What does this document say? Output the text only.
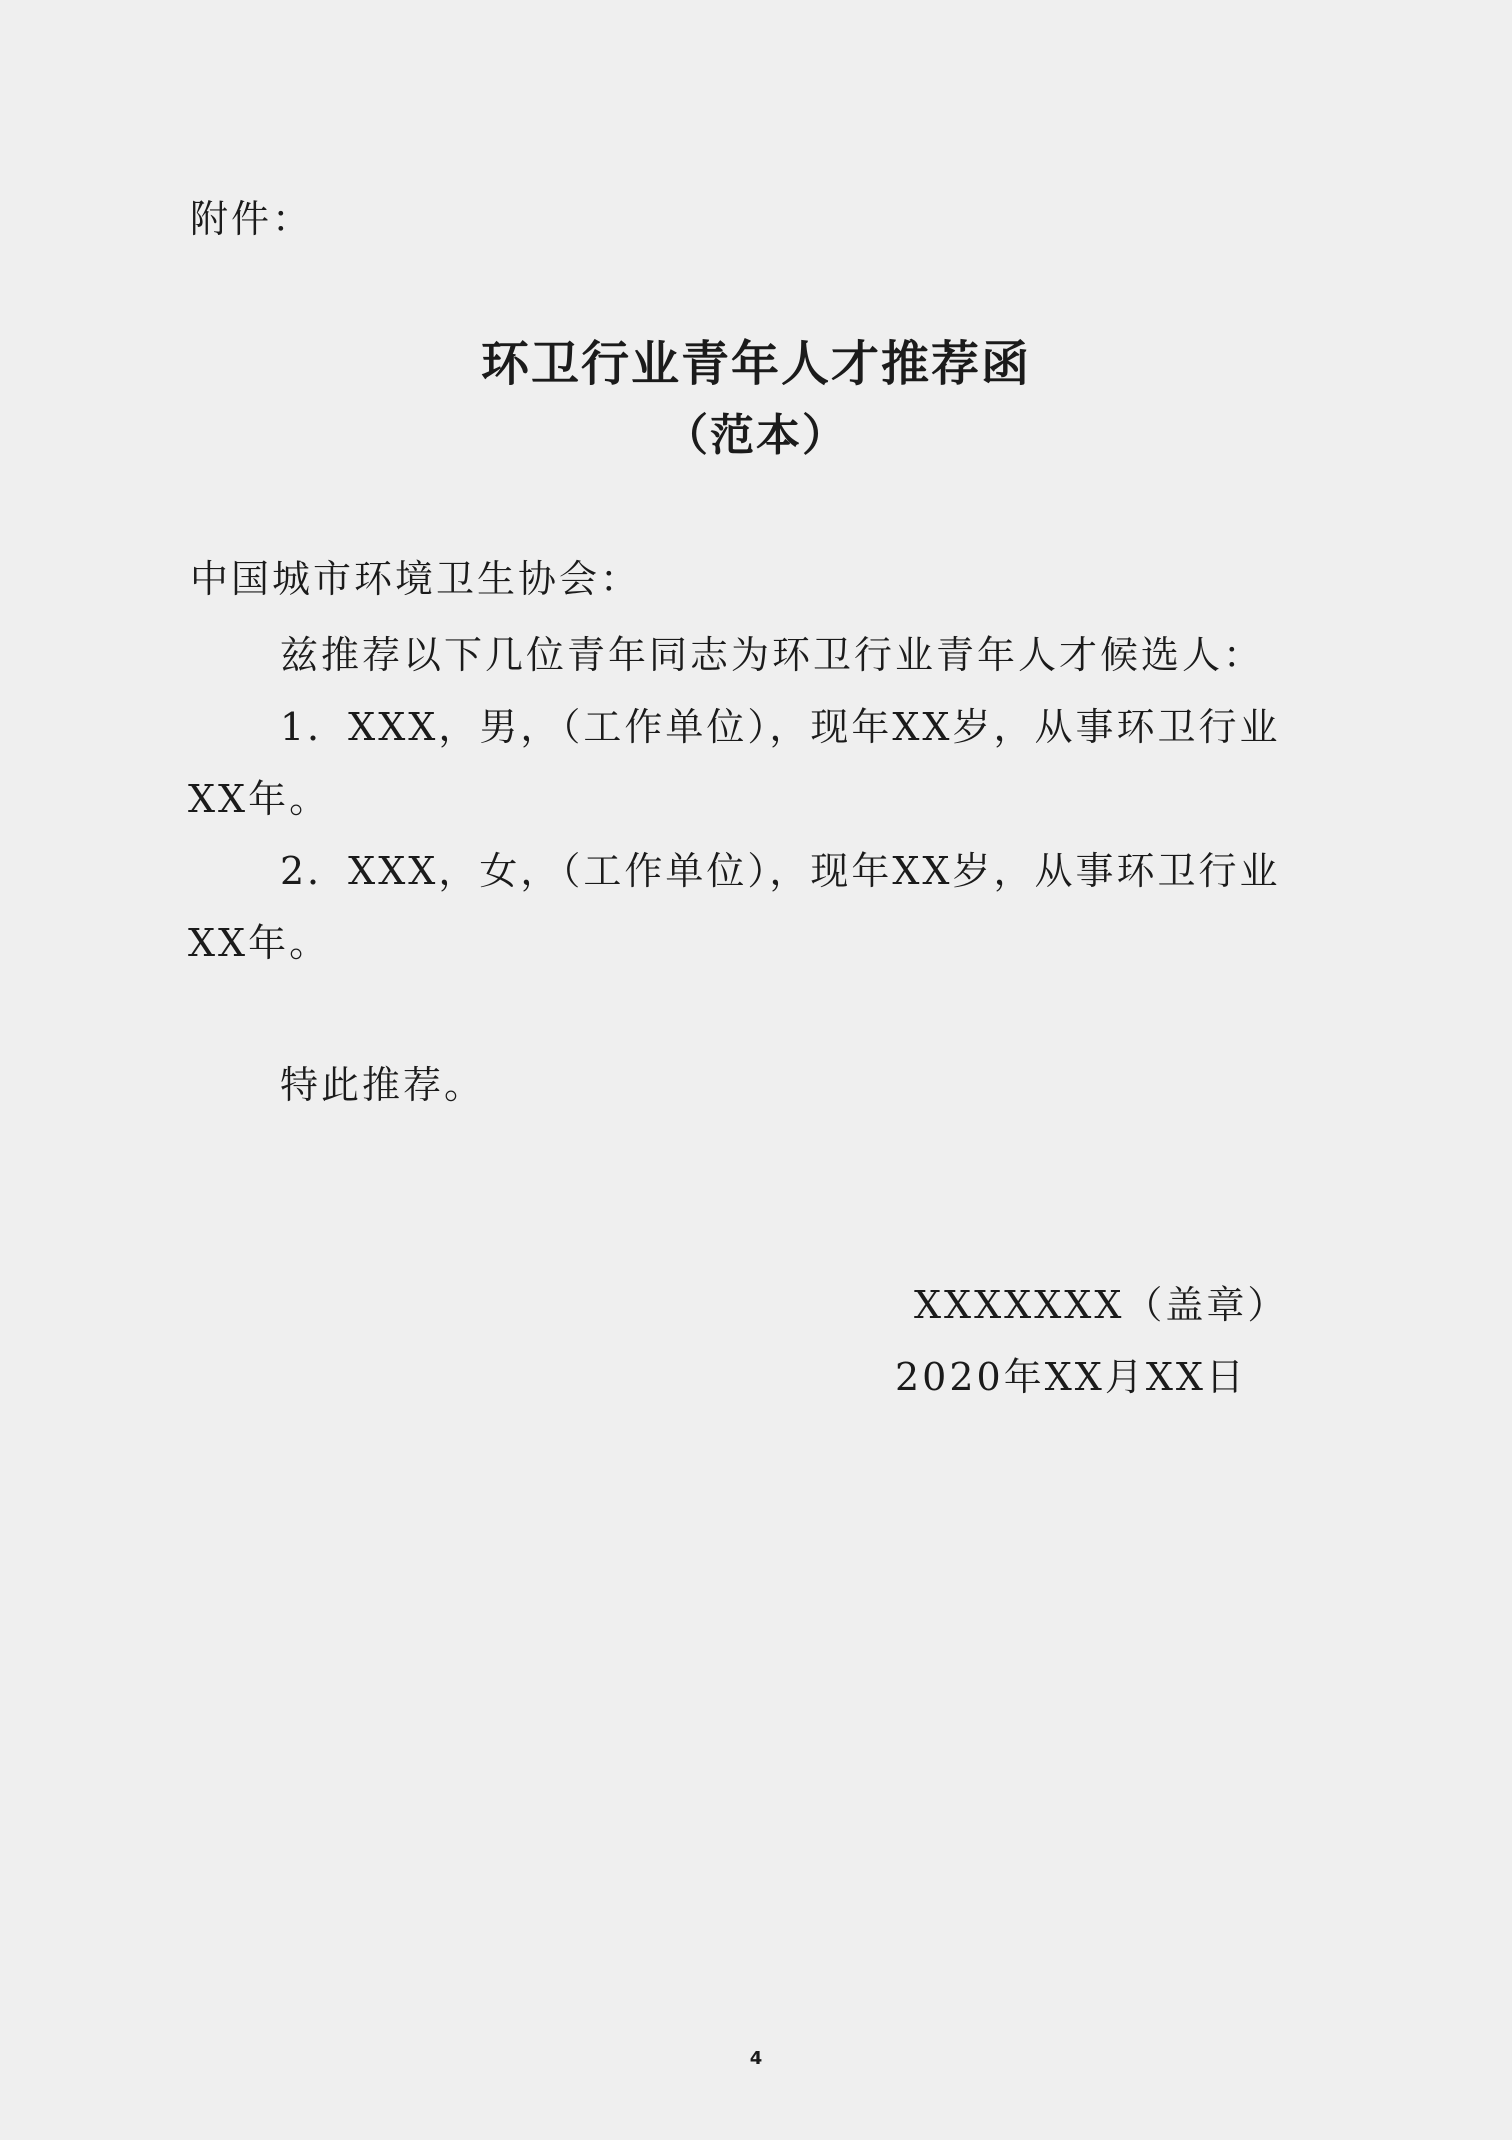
附件：
环卫行业青年人才推荐函
（范本）
中国城市环境卫生协会：
兹推荐以下几位青年同志为环卫行业青年人才候选人：
1．XXX，男，（工作单位），现年XX岁，从事环卫行业
XX年。
2．XXX，女，（工作单位），现年XX岁，从事环卫行业
XX年。
特此推荐。
XXXXXXX（盖章）
2020年XX月XX日
4
